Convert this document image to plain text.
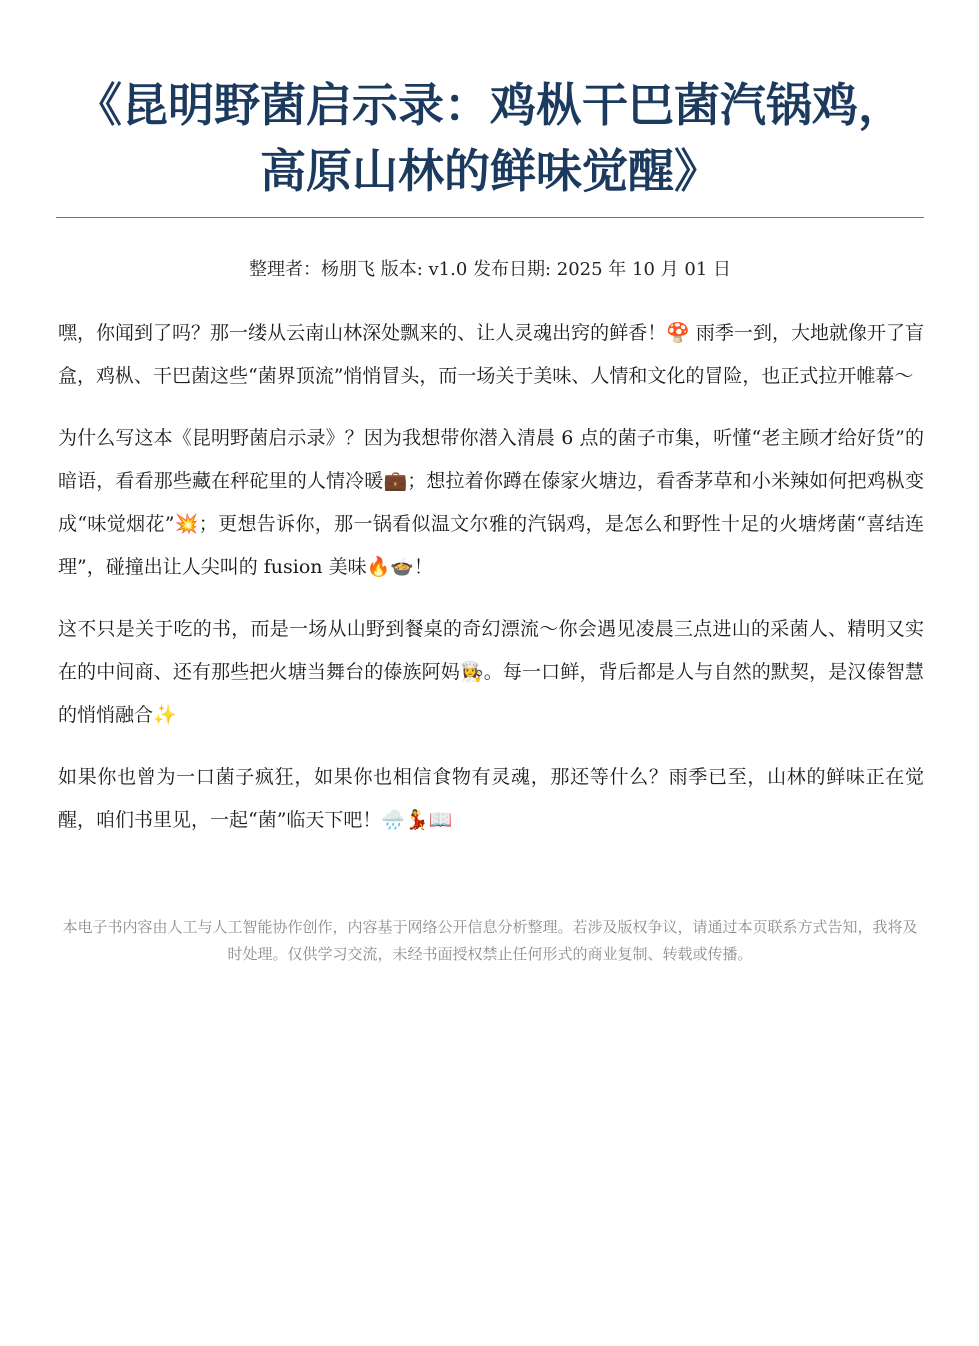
《昆明野菌启示录：鸡枞干巴菌汽锅鸡，高原山林的鲜味觉醒》
整理者：杨朋飞 版本: v1.0 发布日期: 2025 年 10 月 01 日

嘿，你闻到了吗？那一缕从云南山林深处飘来的、让人灵魂出窍的鲜香！🍄 雨季一到，大地就像开了盲盒，鸡枞、干巴菌这些“菌界顶流”悄悄冒头，而一场关于美味、人情和文化的冒险，也正式拉开帷幕～

为什么写这本《昆明野菌启示录》？因为我想带你潜入清晨 6 点的菌子市集，听懂“老主顾才给好货”的暗语，看看那些藏在秤砣里的人情冷暖💼；想拉着你蹲在傣家火塘边，看香茅草和小米辣如何把鸡枞变成“味觉烟花”💥；更想告诉你，那一锅看似温文尔雅的汽锅鸡，是怎么和野性十足的火塘烤菌“喜结连理”，碰撞出让人尖叫的 fusion 美味🔥🍲！

这不只是关于吃的书，而是一场从山野到餐桌的奇幻漂流～你会遇见凌晨三点进山的采菌人、精明又实在的中间商、还有那些把火塘当舞台的傣族阿妈👩‍🍳。每一口鲜，背后都是人与自然的默契，是汉傣智慧的悄悄融合✨

如果你也曾为一口菌子疯狂，如果你也相信食物有灵魂，那还等什么？雨季已至，山林的鲜味正在觉醒，咱们书里见，一起“菌”临天下吧！🌧️💃📖

本电子书内容由人工与人工智能协作创作，内容基于网络公开信息分析整理。若涉及版权争议，请通过本页联系方式告知，我将及时处理。仅供学习交流，未经书面授权禁止任何形式的商业复制、转载或传播。
